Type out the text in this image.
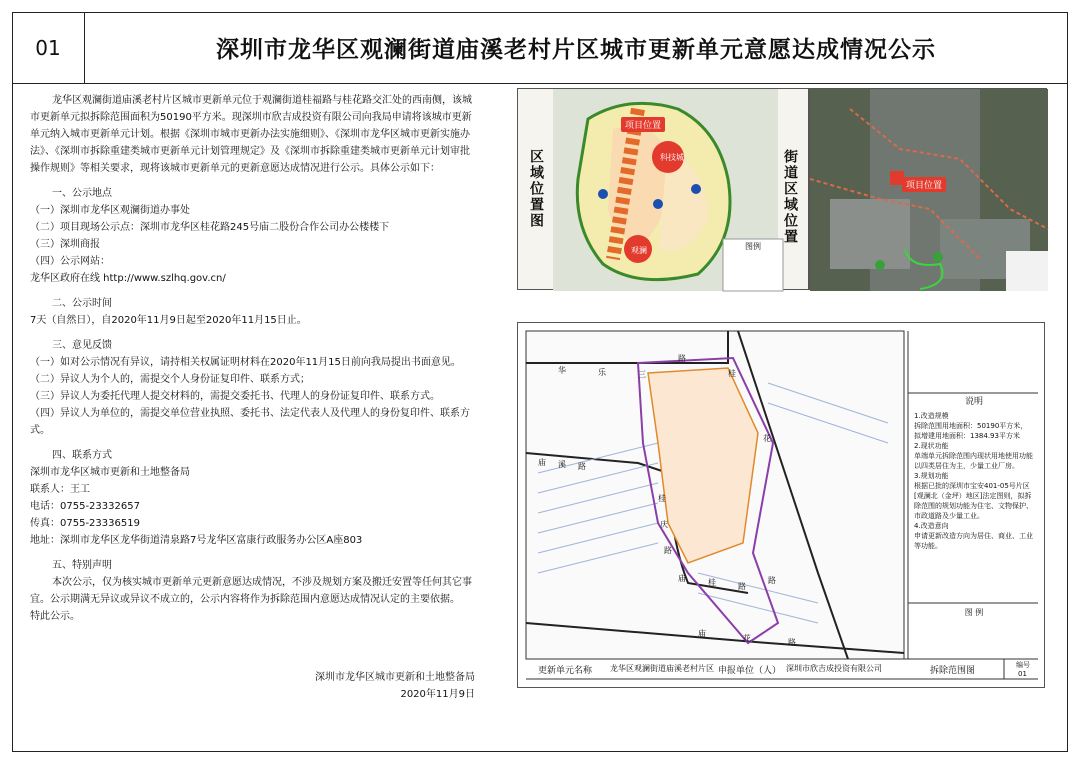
01	深圳市龙华区观澜街道庙溪老村片区城市更新单元意愿达成情况公示

龙华区观澜街道庙溪老村片区城市更新单元位于观澜街道桂福路与桂花路交汇处的西南侧，该城市更新单元拟拆除范围面积为50190平方米。现深圳市欣吉成投资有限公司向我局申请将该城市更新单元纳入城市更新单元计划。根据《深圳市城市更新办法实施细则》、《深圳市龙华区城市更新实施办法》、《深圳市拆除重建类城市更新单元计划管理规定》及《深圳市拆除重建类城市更新单元计划审批操作规则》等相关要求，现将该城市更新单元的更新意愿达成情况进行公示。具体公示如下：

一、公示地点

（一）深圳市龙华区观澜街道办事处

（二）项目现场公示点：深圳市龙华区桂花路245号庙二股份合作公司办公楼楼下

（三）深圳商报

（四）公示网站：

龙华区政府在线 http://www.szlhq.gov.cn/

二、公示时间

7天（自然日），自2020年11月9日起至2020年11月15日止。

三、意见反馈

（一）如对公示情况有异议，请持相关权属证明材料在2020年11月15日前向我局提出书面意见。

（二）异议人为个人的，需提交个人身份证复印件、联系方式；

（三）异议人为委托代理人提交材料的，需提交委托书、代理人的身份证复印件、联系方式。

（四）异议人为单位的，需提交单位营业执照、委托书、法定代表人及代理人的身份复印件、联系方式。

四、联系方式

深圳市龙华区城市更新和土地整备局

联系人：王工

电话：0755-23332657

传真：0755-23336519

地址：深圳市龙华区龙华街道清泉路7号龙华区富康行政服务办公区A座803

五、特别声明

本次公示，仅为核实城市更新单元更新意愿达成情况，不涉及规划方案及搬迁安置等任何其它事宜。公示期满无异议或异议不成立的，公示内容将作为拆除范围内意愿达成情况认定的主要依据。

特此公示。

深圳市龙华区城市更新和土地整备局

2020年11月9日

区域位置图
项目位置
科技城
观澜	图例
街道区域位置	项目位置
华	乐	三
路
庙 溪 路
桂
花
桂
庆
路
庙	桂	路
路
庙
花	路
说明
1.改造规模
拆除范围用地面积：50190平方米，
拟增建用地面积：1384.93平方米
2.现状功能
单端单元拆除范围内现状用地使用功能以四类居住为主，少量工业厂房。
3.规划功能
根据已批的深圳市宝安401-05号片区[观澜北（金坪）地区]法定图则，拟拆除范围的规划功能为住宅、文物保护、市政道路及少量工业。
4.改造意向
申请更新改造方向为居住、商业、工业等功能。
图 例
更新单元名称 龙华区观澜街道庙溪老村片区 申报单位（人） 深圳市欣吉成投资有限公司	拆除范围图
编号
01
